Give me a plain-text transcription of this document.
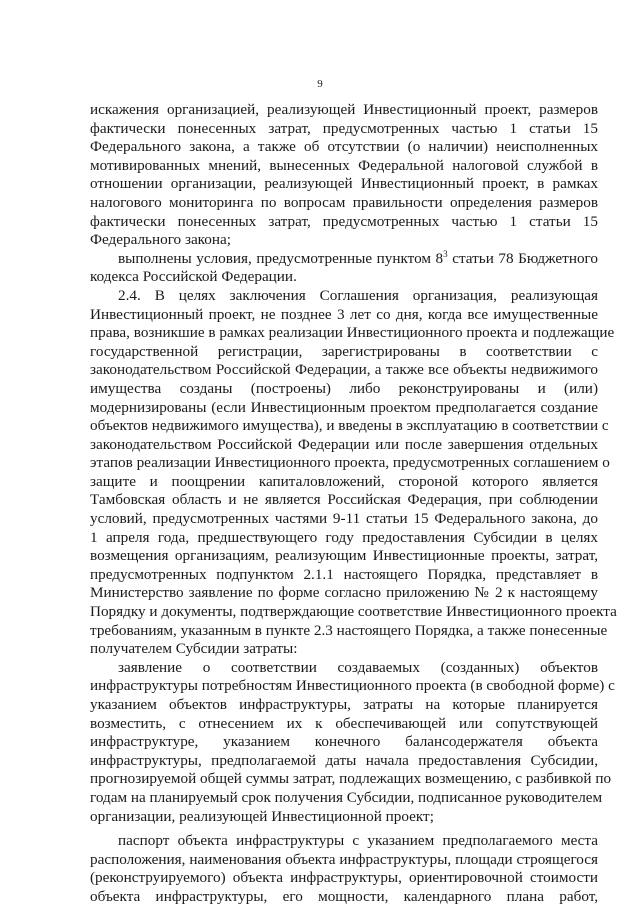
9
искажения организацией, реализующей Инвестиционный проект, размеров
фактически понесенных затрат, предусмотренных частью 1 статьи 15
Федерального закона, а также об отсутствии (о наличии) неисполненных
мотивированных мнений, вынесенных Федеральной налоговой службой в
отношении организации, реализующей Инвестиционный проект, в рамках
налогового мониторинга по вопросам правильности определения размеров
фактически понесенных затрат, предусмотренных частью 1 статьи 15
Федерального закона;
выполнены условия, предусмотренные пунктом $8^3$ статьи 78 Бюджетного
кодекса Российской Федерации.
2.4. В целях заключения Соглашения организация, реализующая
Инвестиционный проект, не позднее 3 лет со дня, когда все имущественные
права, возникшие в рамках реализации Инвестиционного проекта и подлежащие
государственной регистрации, зарегистрированы в соответствии с
законодательством Российской Федерации, а также все объекты недвижимого
имущества созданы (построены) либо реконструированы и (или)
модернизированы (если Инвестиционным проектом предполагается создание
объектов недвижимого имущества), и введены в эксплуатацию в соответствии с
законодательством Российской Федерации или после завершения отдельных
этапов реализации Инвестиционного проекта, предусмотренных соглашением о
защите и поощрении капиталовложений, стороной которого является
Тамбовская область и не является Российская Федерация, при соблюдении
условий, предусмотренных частями 9-11 статьи 15 Федерального закона, до
1 апреля года, предшествующего году предоставления Субсидии в целях
возмещения организациям, реализующим Инвестиционные проекты, затрат,
предусмотренных подпунктом 2.1.1 настоящего Порядка, представляет в
Министерство заявление по форме согласно приложению № 2 к настоящему
Порядку и документы, подтверждающие соответствие Инвестиционного проекта
требованиям, указанным в пункте 2.3 настоящего Порядка, а также понесенные
получателем Субсидии затраты:
заявление о соответствии создаваемых (созданных) объектов
инфраструктуры потребностям Инвестиционного проекта (в свободной форме) с
указанием объектов инфраструктуры, затраты на которые планируется
возместить, с отнесением их к обеспечивающей или сопутствующей
инфраструктуре, указанием конечного балансодержателя объекта
инфраструктуры, предполагаемой даты начала предоставления Субсидии,
прогнозируемой общей суммы затрат, подлежащих возмещению, с разбивкой по
годам на планируемый срок получения Субсидии, подписанное руководителем
организации, реализующей Инвестиционной проект;
паспорт объекта инфраструктуры с указанием предполагаемого места
расположения, наименования объекта инфраструктуры, площади строящегося
(реконструируемого) объекта инфраструктуры, ориентировочной стоимости
объекта инфраструктуры, его мощности, календарного плана работ,
